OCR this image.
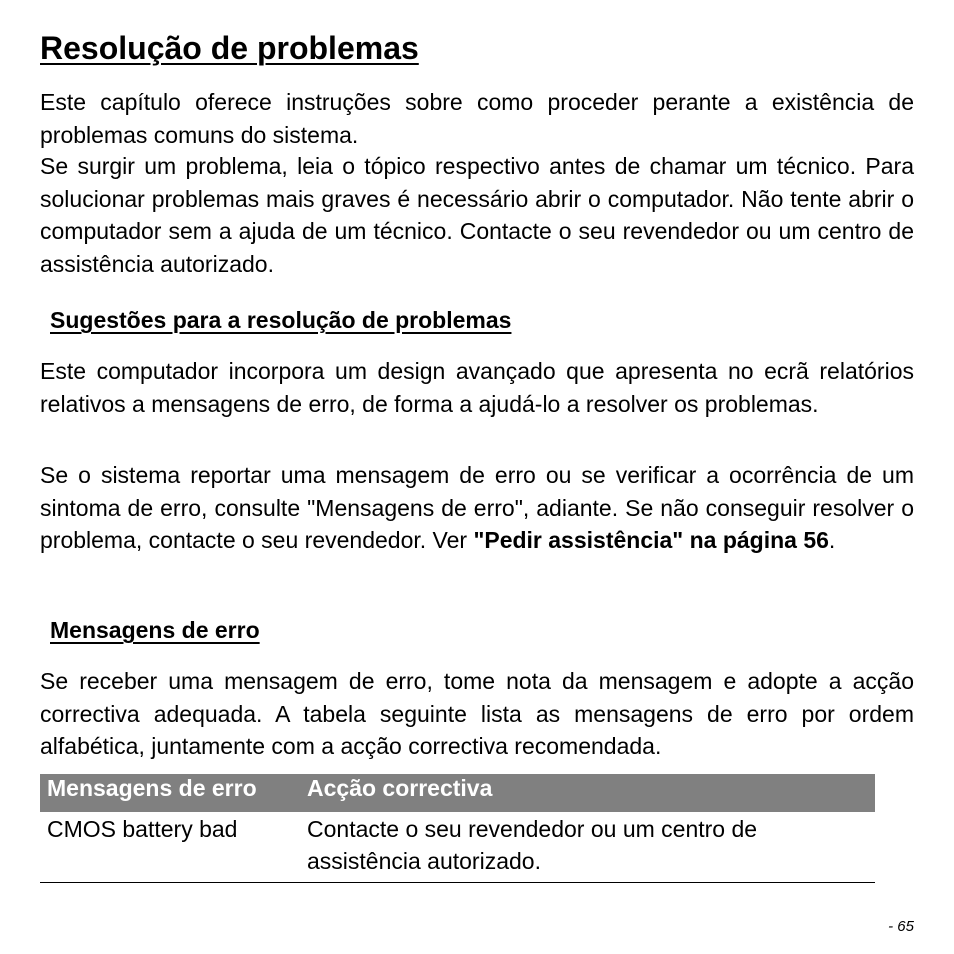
Resolução de problemas

Este capítulo oferece instruções sobre como proceder perante a existência de problemas comuns do sistema.

Se surgir um problema, leia o tópico respectivo antes de chamar um técnico. Para solucionar problemas mais graves é necessário abrir o computador. Não tente abrir o computador sem a ajuda de um técnico. Contacte o seu revendedor ou um centro de assistência autorizado.

Sugestões para a resolução de problemas

Este computador incorpora um design avançado que apresenta no ecrã relatórios relativos a mensagens de erro, de forma a ajudá-lo a resolver os problemas.

Se o sistema reportar uma mensagem de erro ou se verificar a ocorrência de um sintoma de erro, consulte "Mensagens de erro", adiante. Se não conseguir resolver o problema, contacte o seu revendedor. Ver "Pedir assistência" na página 56.

Mensagens de erro

Se receber uma mensagem de erro, tome nota da mensagem e adopte a acção correctiva adequada. A tabela seguinte lista as mensagens de erro por ordem alfabética, juntamente com a acção correctiva recomendada.

Mensagens de erro Acção correctiva
CMOS battery bad	Contacte o seu revendedor ou um centro de assistência autorizado.
- 65
